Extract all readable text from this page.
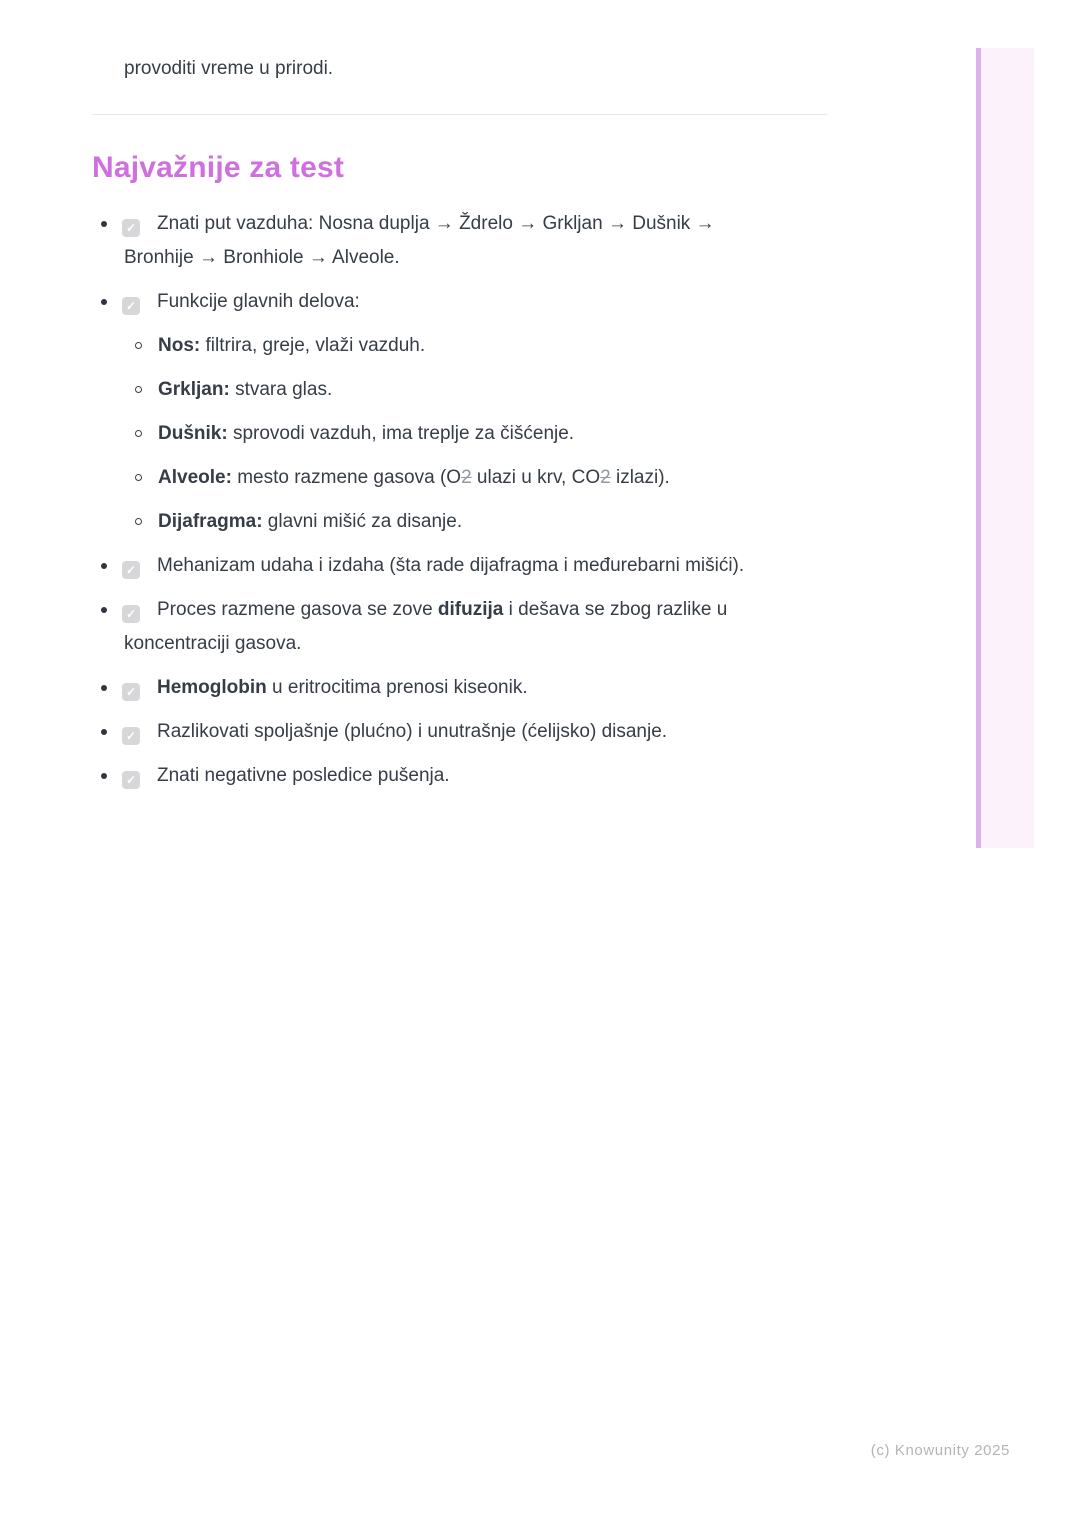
provoditi vreme u prirodi.

Najvažnije za test
✓ Znati put vazduha: Nosna duplja → Ždrelo → Grkljan → Dušnik →
Bronhije → Bronhiole → Alveole.
✓ Funkcije glavnih delova:
Nos: filtrira, greje, vlaži vazduh.
Grkljan: stvara glas.
Dušnik: sprovodi vazduh, ima treplje za čišćenje.
Alveole: mesto razmene gasova (O2 ulazi u krv, CO2 izlazi).
Dijafragma: glavni mišić za disanje.
✓ Mehanizam udaha i izdaha (šta rade dijafragma i međurebarni mišići).
✓ Proces razmene gasova se zove difuzija i dešava se zbog razlike u
koncentraciji gasova.
✓ Hemoglobin u eritrocitima prenosi kiseonik.
✓ Razlikovati spoljašnje (plućno) i unutrašnje (ćelijsko) disanje.
✓ Znati negativne posledice pušenja.
(c) Knowunity 2025
